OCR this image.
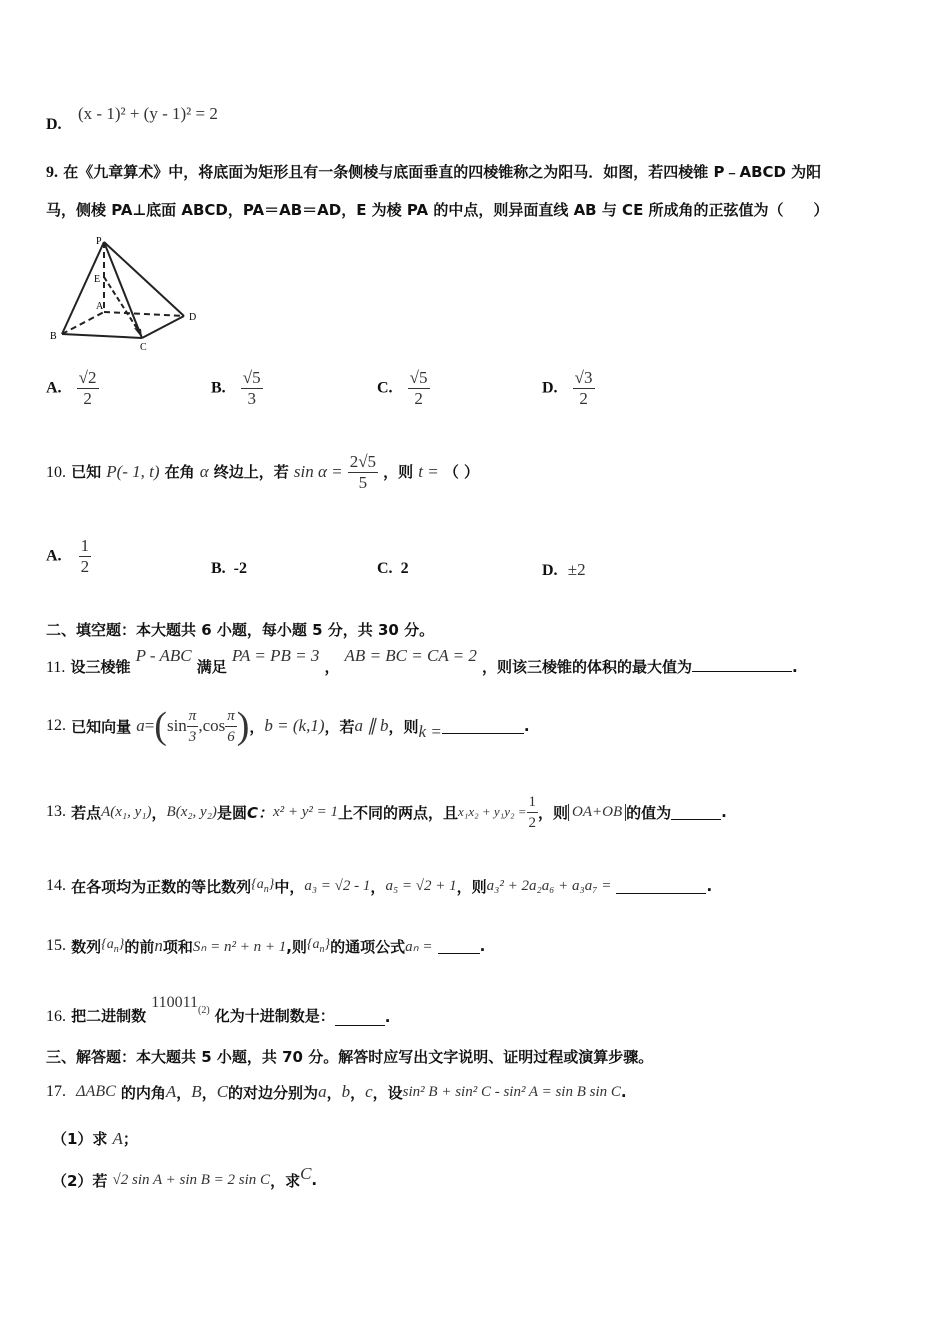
D.
(x - 1)² + (y - 1)² = 2
9. 在《九章算术》中，将底面为矩形且有一条侧棱与底面垂直的四棱锥称之为阳马．如图，若四棱锥 P﹣ABCD 为阳
马，侧棱 PA⊥底面 ABCD，PA＝AB＝AD，E 为棱 PA 的中点，则异面直线 AB 与 CE 所成角的正弦值为（　　）
P
E
A
B
C
D
A. $\frac{√2}{2}$	B. $\frac{√5}{3}$	C. $\frac{√5}{2}$	D. $\frac{√3}{2}$
10. 已知 P(- 1, t) 在角 α 终边上，若 $\sin \alpha = \frac{2√5}{5}$ ，则 t = （ ）
A. $\frac{1}{2}$	B. -2	C. 2	D. ±2
二、填空题：本大题共 6 小题，每小题 5 分，共 30 分。
11. 设三棱锥 P - ABC 满足 PA = PB = 3 ， AB = BC = CA = 2 ，则该三棱锥的体积的最大值为	.
12.
已知向量
a = ( $\sin \frac{\pi}{3} ,\cos \frac{\pi}{6}$ ) ， b = (k,1) ，若 a ∥ b ，则 k =	.
13.
若点 A(x₁, y₁) ， B(x₂, y₂) 是圆 C： x² + y² = 1 上不同的两点，且 $x_1x_2 + y_1y_2 = \frac{1}{2}$ ，则 OA+OB 的值为	.
14.
在各项均为正数的等比数列 $\{a_n\}$ 中， a₃ = √2 - 1 ， a₅ = √2 + 1 ，则 a₃² + 2a₂a₆ + a₃a₇ =
	.
15.
数列 $\{a_n\}$ 的前 n 项和 Sₙ = n² + n + 1 ,则 $\{a_n\}$ 的通项公式 aₙ =
	.
16.
把二进制数

110011 (2)
化为十进制数是：	.
三、解答题：本大题共 5 小题，共 70 分。解答时应写出文字说明、证明过程或演算步骤。
17.
ΔABC
的内角 A ， B ， C 的对边分别为 a ， b ， c ，设 sin² B + sin² C - sin² A = sin B sin C .
（1）求 A；
（2）若
√2 sin A + sin B = 2 sin C ，求 C .
